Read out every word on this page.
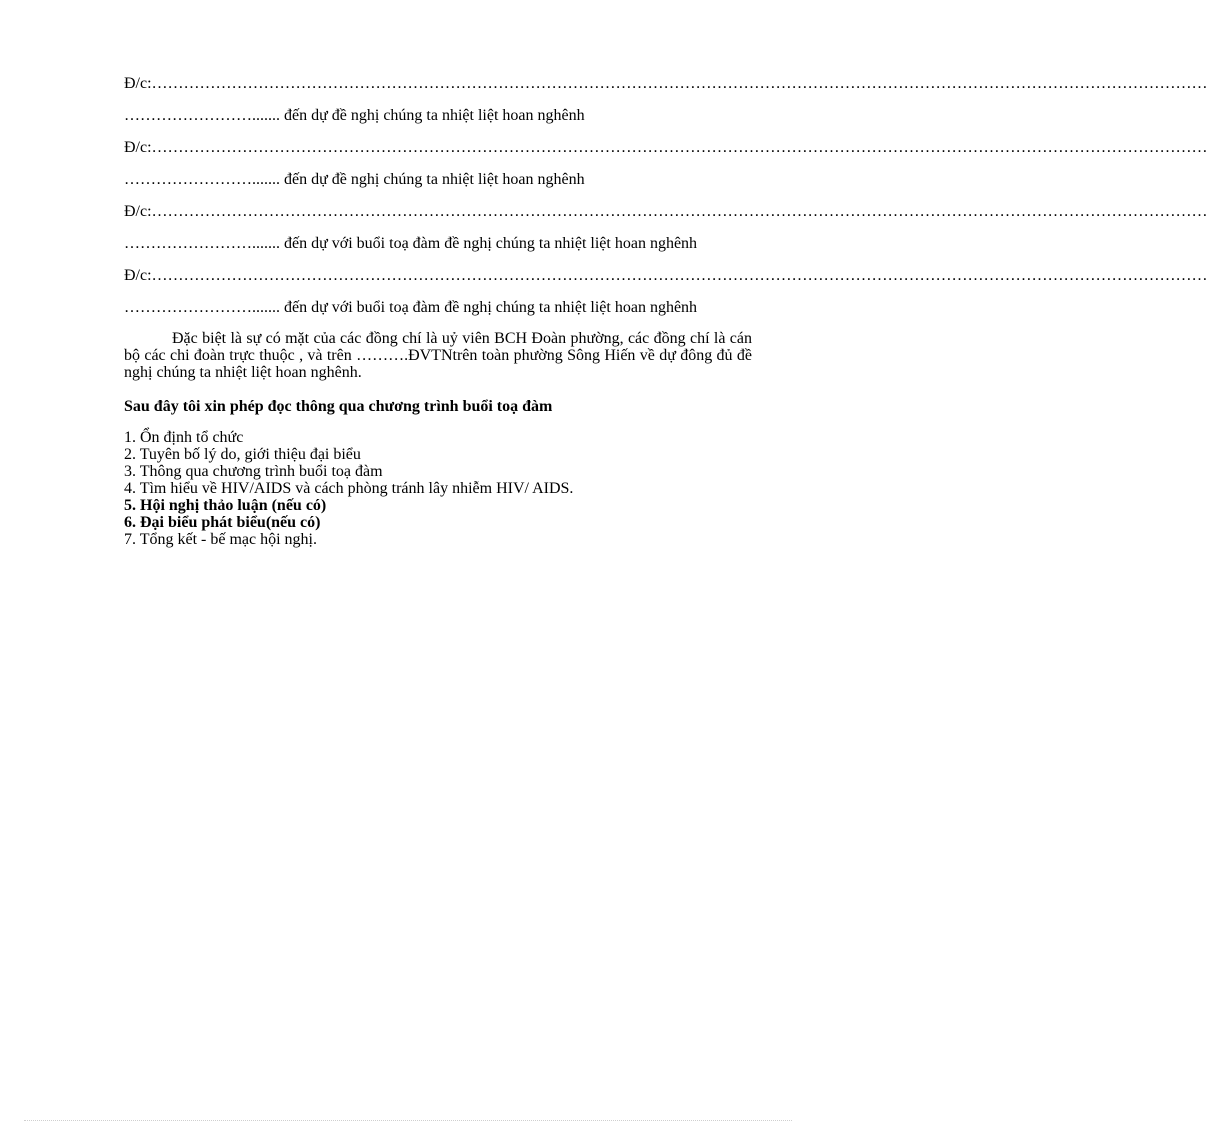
Đ/c: ………………………………………………………………………………………………………………………………………………………………………………
……………………....... đến dự đề nghị chúng ta nhiệt liệt hoan nghênh
Đ/c: ………………………………………………………………………………………………………………………………………………………………………………
……………………....... đến dự đề nghị chúng ta nhiệt liệt hoan nghênh
Đ/c: ………………………………………………………………………………………………………………………………………………………………………………
……………………....... đến dự với buổi toạ đàm đề nghị chúng ta nhiệt liệt hoan nghênh
Đ/c: ………………………………………………………………………………………………………………………………………………………………………………
……………………....... đến dự với buổi toạ đàm đề nghị chúng ta nhiệt liệt hoan nghênh
Đặc biệt là sự có mặt của các đồng chí là uỷ viên BCH Đoàn phường, các đồng chí là cán bộ các chi đoàn trực thuộc , và trên ……….ĐVTNtrên toàn phường Sông Hiến về dự đông đủ đề nghị chúng ta nhiệt liệt hoan nghênh.
Sau đây tôi xin phép đọc thông qua chương trình buổi toạ đàm
1. Ổn định tổ chức
2. Tuyên bố lý do, giới thiệu đại biểu
3. Thông qua chương trình buổi toạ đàm
4. Tìm hiểu về HIV/AIDS và cách phòng tránh lây nhiễm HIV/ AIDS.
5. Hội nghị thảo luận (nếu có)
6. Đại biểu phát biểu(nếu có)
7. Tổng kết - bế mạc hội nghị.
